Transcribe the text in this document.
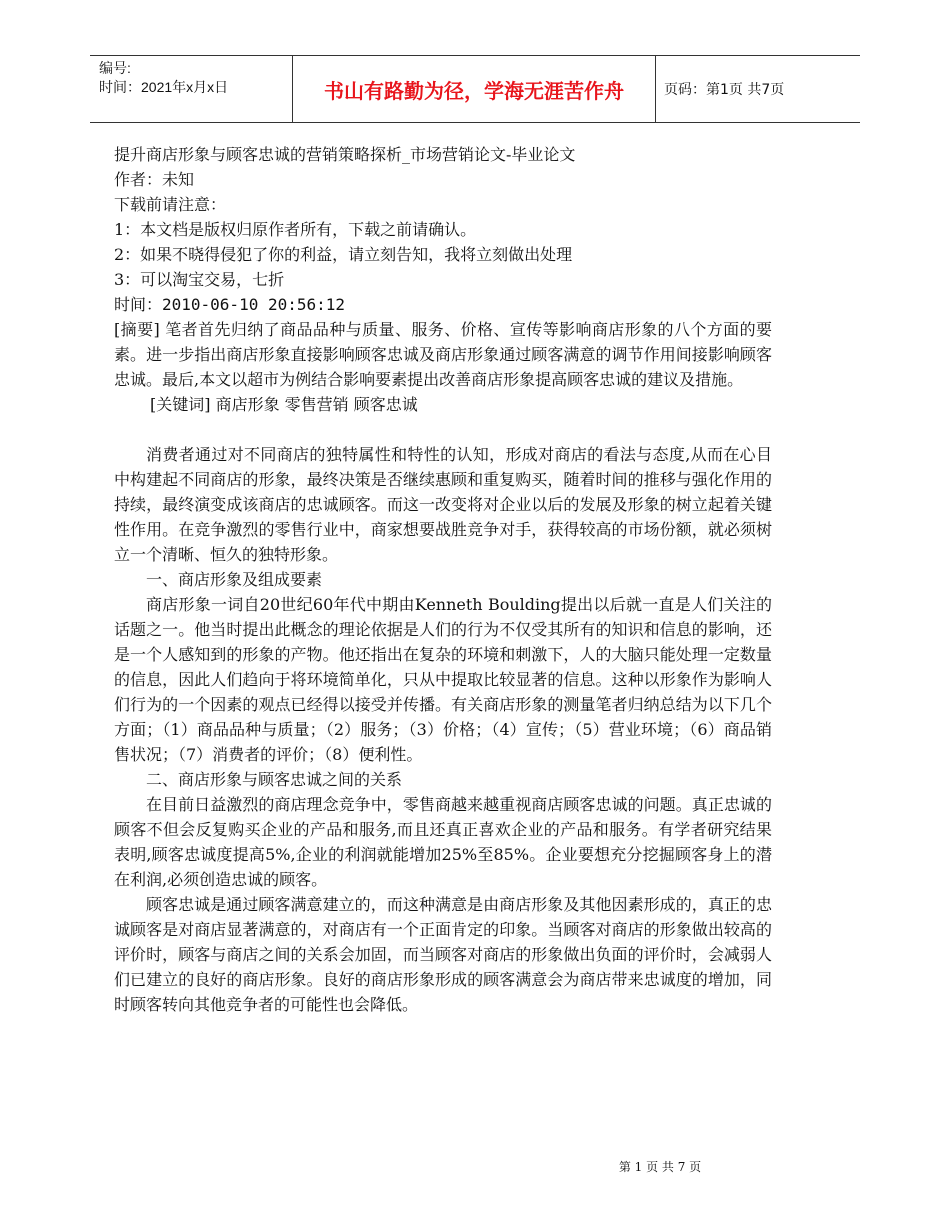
编号:
时间：2021年x月x日	书山有路勤为径，学海无涯苦作舟	页码：第1页 共7页

提升商店形象与顾客忠诚的营销策略探析_市场营销论文-毕业论文

作者：未知

下载前请注意：

1：本文档是版权归原作者所有，下载之前请确认。

2：如果不晓得侵犯了你的利益，请立刻告知，我将立刻做出处理

3：可以淘宝交易，七折

时间：2010-06-10 20:56:12

[摘要] 笔者首先归纳了商品品种与质量、服务、价格、宣传等影响商店形象的八个方面的要素。进一步指出商店形象直接影响顾客忠诚及商店形象通过顾客满意的调节作用间接影响顾客忠诚。最后,本文以超市为例结合影响要素提出改善商店形象提高顾客忠诚的建议及措施。

[关键词] 商店形象 零售营销 顾客忠诚

消费者通过对不同商店的独特属性和特性的认知，形成对商店的看法与态度,从而在心目中构建起不同商店的形象，最终决策是否继续惠顾和重复购买，随着时间的推移与强化作用的持续，最终演变成该商店的忠诚顾客。而这一改变将对企业以后的发展及形象的树立起着关键性作用。在竞争激烈的零售行业中，商家想要战胜竞争对手，获得较高的市场份额，就必须树立一个清晰、恒久的独特形象。

一、商店形象及组成要素

商店形象一词自20世纪60年代中期由Kenneth Boulding提出以后就一直是人们关注的话题之一。他当时提出此概念的理论依据是人们的行为不仅受其所有的知识和信息的影响，还是一个人感知到的形象的产物。他还指出在复杂的环境和刺激下，人的大脑只能处理一定数量的信息，因此人们趋向于将环境简单化，只从中提取比较显著的信息。这种以形象作为影响人们行为的一个因素的观点已经得以接受并传播。有关商店形象的测量笔者归纳总结为以下几个方面；（1）商品品种与质量；（2）服务；（3）价格；（4）宣传；（5）营业环境；（6）商品销售状况；（7）消费者的评价；（8）便利性。

二、商店形象与顾客忠诚之间的关系

在目前日益激烈的商店理念竞争中，零售商越来越重视商店顾客忠诚的问题。真正忠诚的顾客不但会反复购买企业的产品和服务,而且还真正喜欢企业的产品和服务。有学者研究结果表明,顾客忠诚度提高5%,企业的利润就能增加25%至85%。企业要想充分挖掘顾客身上的潜在利润,必须创造忠诚的顾客。

顾客忠诚是通过顾客满意建立的，而这种满意是由商店形象及其他因素形成的，真正的忠诚顾客是对商店显著满意的，对商店有一个正面肯定的印象。当顾客对商店的形象做出较高的评价时，顾客与商店之间的关系会加固，而当顾客对商店的形象做出负面的评价时，会减弱人们已建立的良好的商店形象。良好的商店形象形成的顾客满意会为商店带来忠诚度的增加，同时顾客转向其他竞争者的可能性也会降低。

第 1 页 共 7 页
